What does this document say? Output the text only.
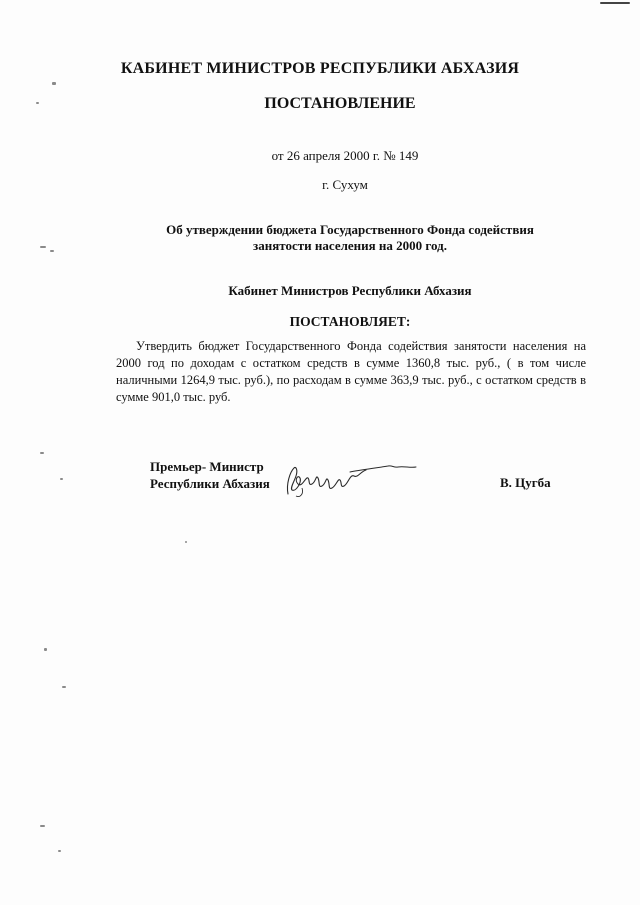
КАБИНЕТ МИНИСТРОВ РЕСПУБЛИКИ АБХАЗИЯ
ПОСТАНОВЛЕНИЕ
от 26 апреля 2000 г. № 149
г. Сухум
Об утверждении бюджета Государственного Фонда содействия
занятости населения на 2000 год.
Кабинет Министров Республики Абхазия
ПОСТАНОВЛЯЕТ:

Утвердить бюджет Государственного Фонда содействия занятости населения на 2000 год по доходам с остатком средств в сумме 1360,8 тыс. руб., ( в том числе наличными 1264,9 тыс. руб.), по расходам в сумме 363,9 тыс. руб., с остатком средств в сумме 901,0 тыс. руб.

Премьер- Министр
Республики Абхазия	В. Цугба
